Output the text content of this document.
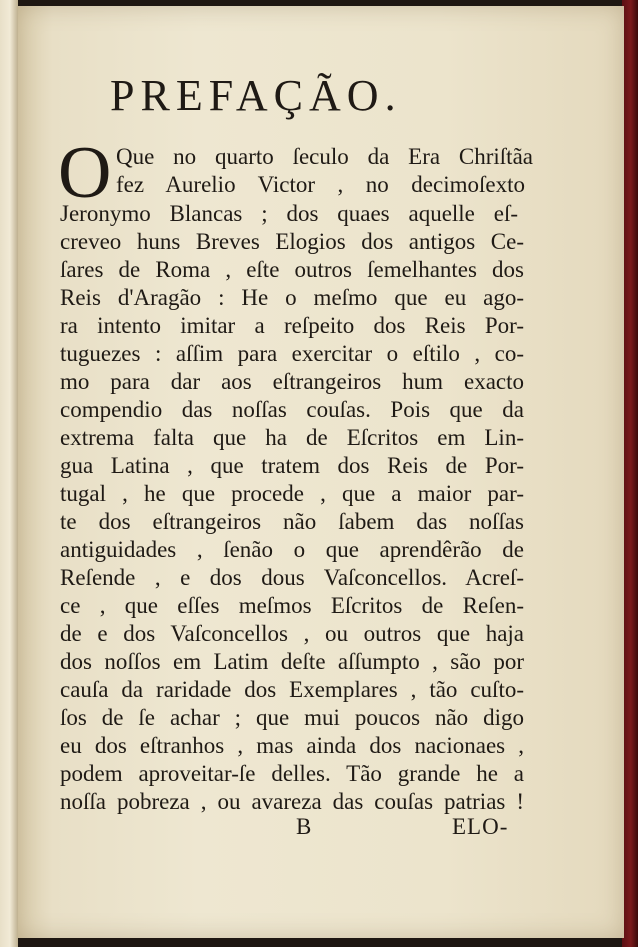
PREFAÇÃO.
O Que no quarto ſeculo da Era Chriſtãa
fez Aurelio Victor , no decimoſexto
Jeronymo Blancas ; dos quaes aquelle eſ-
creveo huns Breves Elogios dos antigos Ce-
ſares de Roma , eſte outros ſemelhantes dos
Reis d'Aragão : He o meſmo que eu ago-
ra intento imitar a reſpeito dos Reis Por-
tuguezes : aſſim para exercitar o eſtilo , co-
mo para dar aos eſtrangeiros hum exacto
compendio das noſſas couſas. Pois que da
extrema falta que ha de Eſcritos em Lin-
gua Latina , que tratem dos Reis de Por-
tugal , he que procede , que a maior par-
te dos eſtrangeiros não ſabem das noſſas
antiguidades , ſenão o que aprendêrão de
Reſende , e dos dous Vaſconcellos. Acreſ-
ce , que eſſes meſmos Eſcritos de Reſen-
de e dos Vaſconcellos , ou outros que haja
dos noſſos em Latim deſte aſſumpto , são por
cauſa da raridade dos Exemplares , tão cuſto-
ſos de ſe achar ; que mui poucos não digo
eu dos eſtranhos , mas ainda dos nacionaes ,
podem aproveitar-ſe delles. Tão grande he a
noſſa pobreza , ou avareza das couſas patrias !
B	ELO-
